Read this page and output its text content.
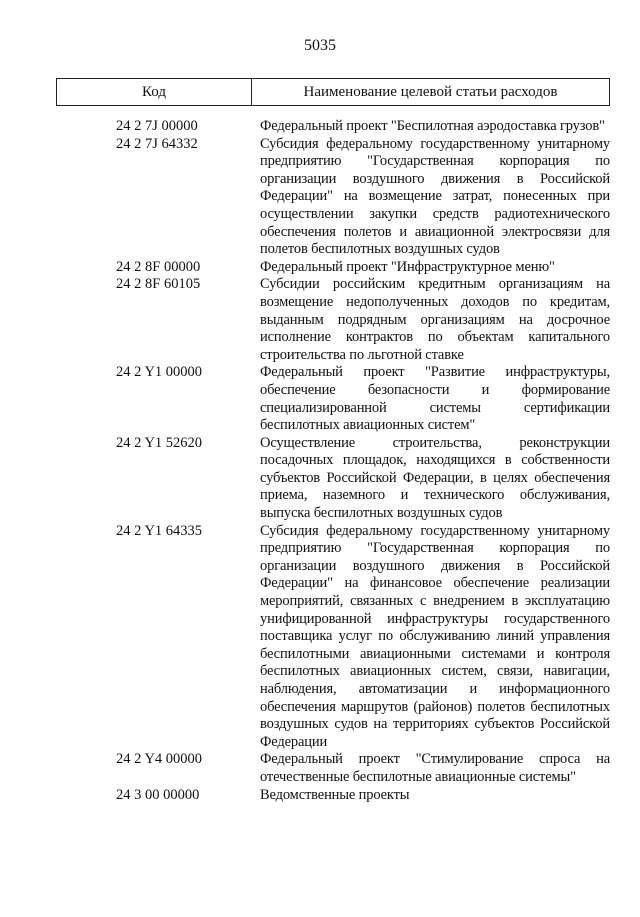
5035
Код	Наименование целевой статьи расходов
24 2 7J 00000	Федеральный проект "Беспилотная аэродоставка грузов"
24 2 7J 64332	Субсидия федеральному государственному унитарному предприятию "Государственная корпорация по организации воздушного движения в Российской Федерации" на возмещение затрат, понесенных при осуществлении закупки средств радиотехнического обеспечения полетов и авиационной электросвязи для полетов беспилотных воздушных судов
24 2 8F 00000	Федеральный проект "Инфраструктурное меню"
24 2 8F 60105	Субсидии российским кредитным организациям на возмещение недополученных доходов по кредитам, выданным подрядным организациям на досрочное исполнение контрактов по объектам капитального строительства по льготной ставке
24 2 Y1 00000	Федеральный проект "Развитие инфраструктуры, обеспечение безопасности и формирование специализированной системы сертификации беспилотных авиационных систем"
24 2 Y1 52620	Осуществление строительства, реконструкции посадочных площадок, находящихся в собственности субъектов Российской Федерации, в целях обеспечения приема, наземного и технического обслуживания, выпуска беспилотных воздушных судов
24 2 Y1 64335	Субсидия федеральному государственному унитарному предприятию "Государственная корпорация по организации воздушного движения в Российской Федерации" на финансовое обеспечение реализации мероприятий, связанных с внедрением в эксплуатацию унифицированной инфраструктуры государственного поставщика услуг по обслуживанию линий управления беспилотными авиационными системами и контроля беспилотных авиационных систем, связи, навигации, наблюдения, автоматизации и информационного обеспечения маршрутов (районов) полетов беспилотных воздушных судов на территориях субъектов Российской Федерации
24 2 Y4 00000	Федеральный проект "Стимулирование спроса на отечественные беспилотные авиационные системы"
24 3 00 00000	Ведомственные проекты
